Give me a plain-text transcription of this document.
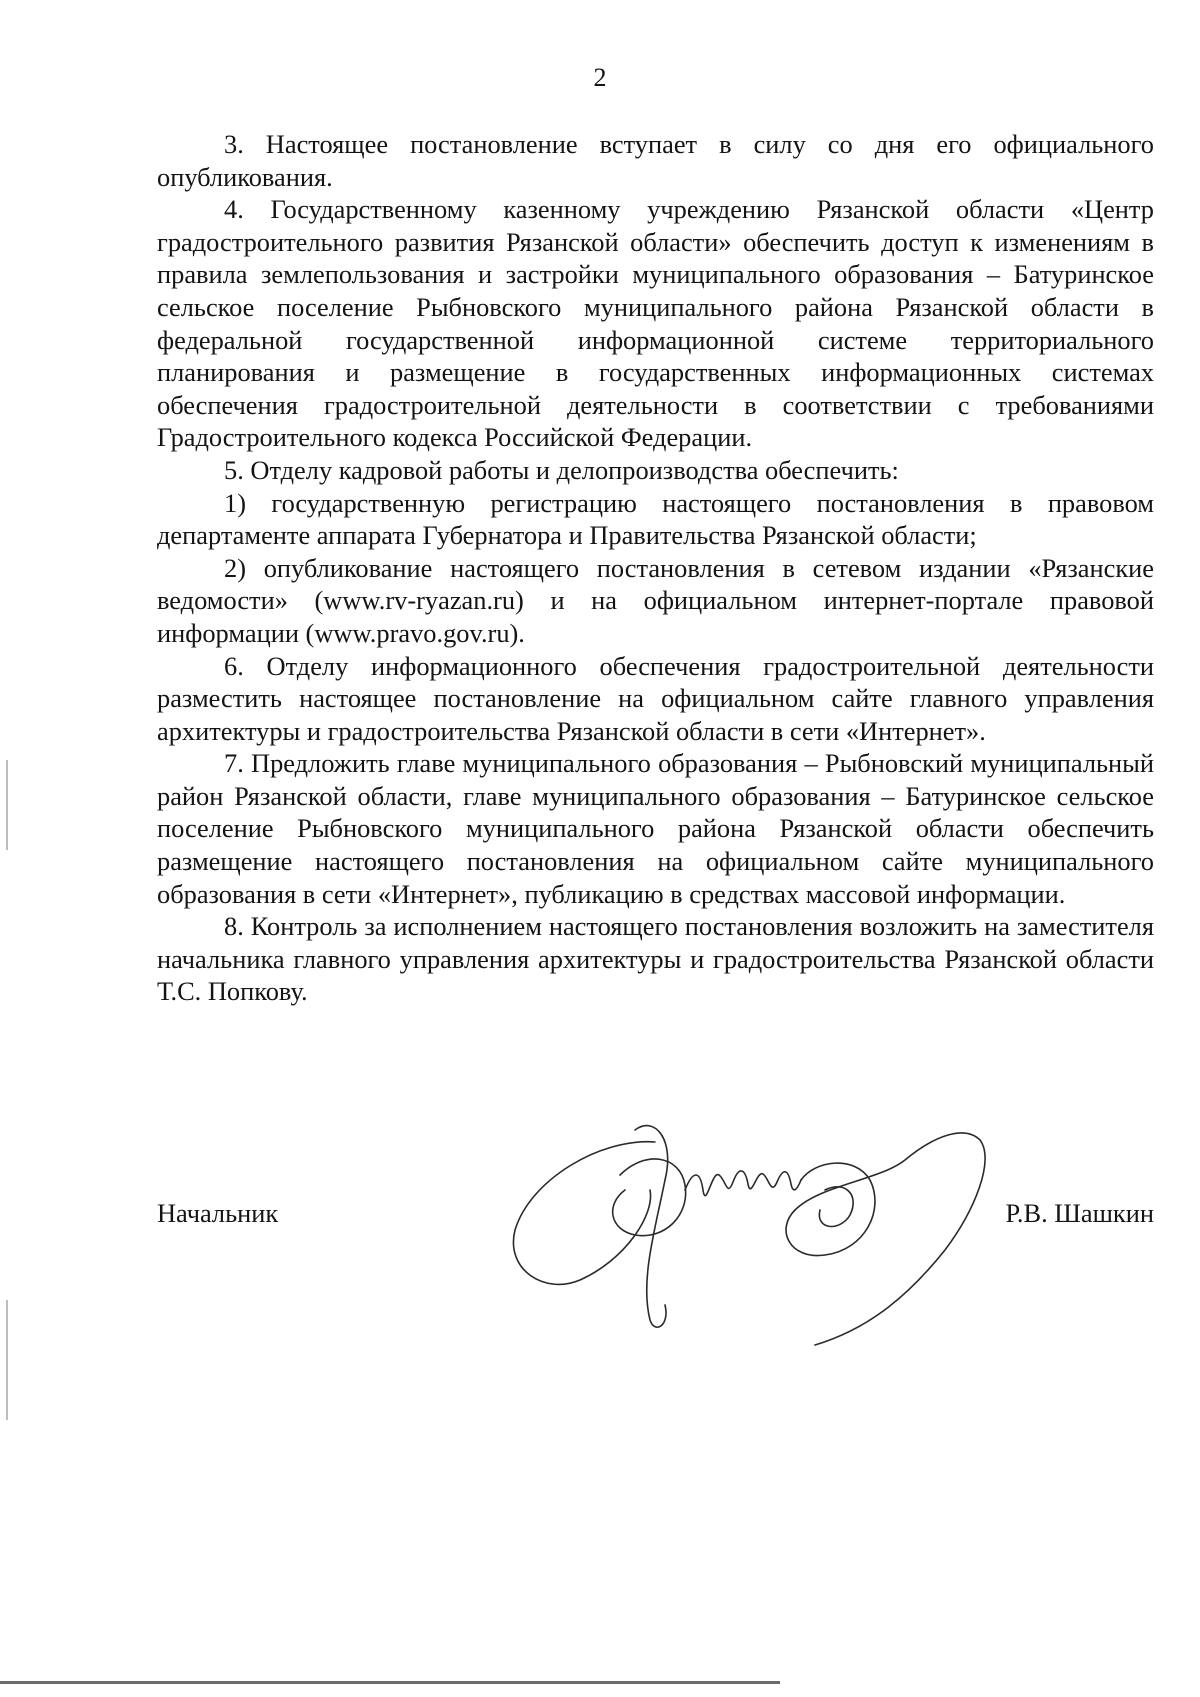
2

3. Настоящее постановление вступает в силу со дня его официального опубликования.

4. Государственному казенному учреждению Рязанской области «Центр градостроительного развития Рязанской области» обеспечить доступ к изменениям в правила землепользования и застройки муниципального образования – Батуринское сельское поселение Рыбновского муниципального района Рязанской области в федеральной государственной информационной системе территориального планирования и размещение в государственных информационных системах обеспечения градостроительной деятельности в соответствии с требованиями Градостроительного кодекса Российской Федерации.

5. Отделу кадровой работы и делопроизводства обеспечить:

1) государственную регистрацию настоящего постановления в правовом департаменте аппарата Губернатора и Правительства Рязанской области;

2) опубликование настоящего постановления в сетевом издании «Рязанские ведомости» (www.rv-ryazan.ru) и на официальном интернет-портале правовой информации (www.pravo.gov.ru).

6. Отделу информационного обеспечения градостроительной деятельности разместить настоящее постановление на официальном сайте главного управления архитектуры и градостроительства Рязанской области в сети «Интернет».

7. Предложить главе муниципального образования – Рыбновский муниципальный район Рязанской области, главе муниципального образования – Батуринское сельское поселение Рыбновского муниципального района Рязанской области обеспечить размещение настоящего постановления на официальном сайте муниципального образования в сети «Интернет», публикацию в средствах массовой информации.

8. Контроль за исполнением настоящего постановления возложить на заместителя начальника главного управления архитектуры и градостроительства Рязанской области Т.С. Попкову.

Начальник	Р.В. Шашкин
